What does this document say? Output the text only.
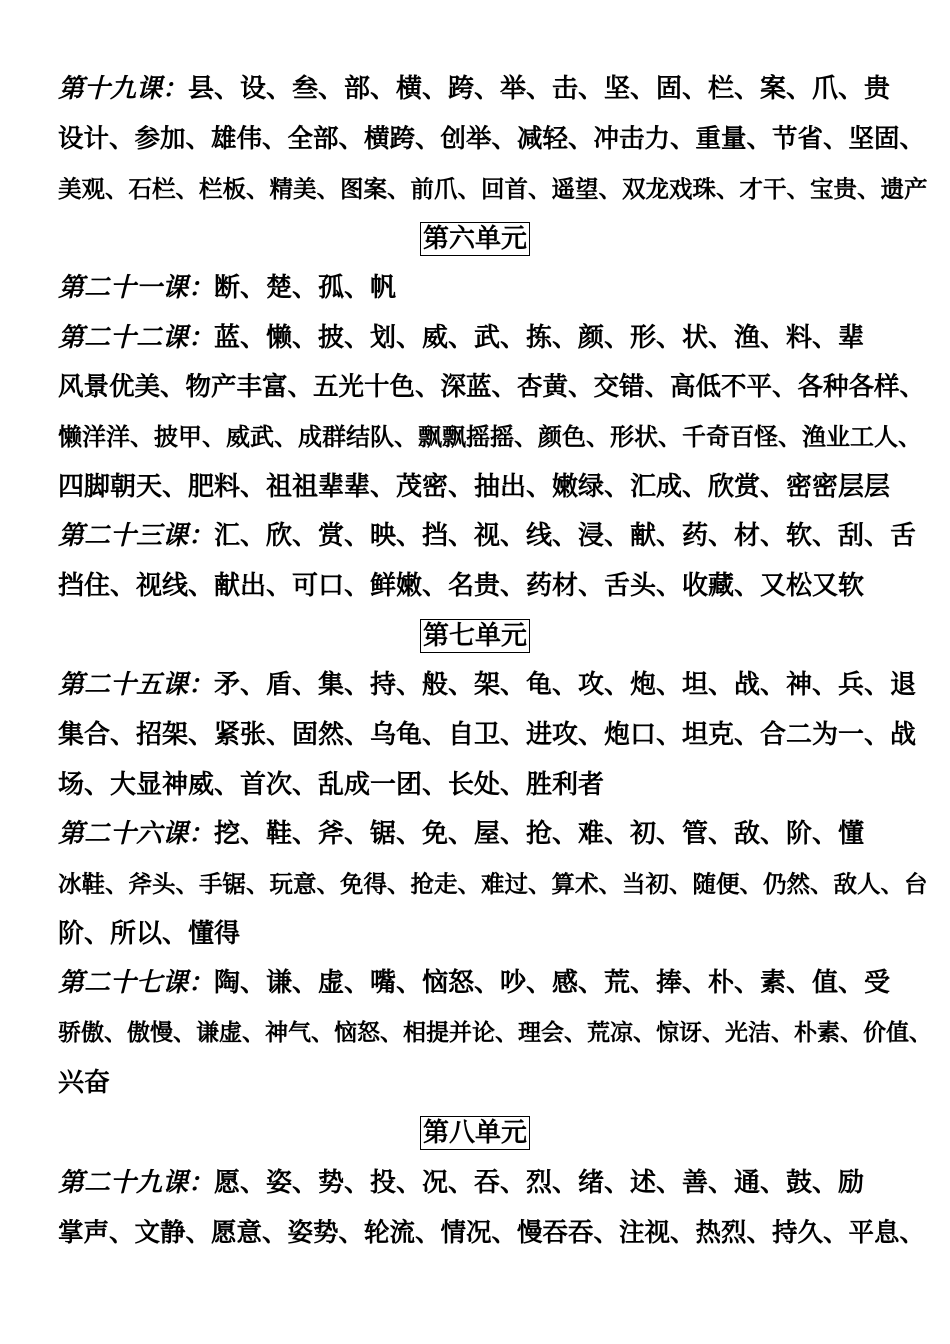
第十九课：县、设、叁、部、横、跨、举、击、坚、固、栏、案、爪、贵
设计、参加、雄伟、全部、横跨、创举、减轻、冲击力、重量、节省、坚固、
美观、石栏、栏板、精美、图案、前爪、回首、遥望、双龙戏珠、才干、宝贵、遗产
第六单元
第二十一课：断、楚、孤、帆
第二十二课：蓝、懒、披、划、威、武、拣、颜、形、状、渔、料、辈
风景优美、物产丰富、五光十色、深蓝、杏黄、交错、高低不平、各种各样、
懒洋洋、披甲、威武、成群结队、飘飘摇摇、颜色、形状、千奇百怪、渔业工人、
四脚朝天、肥料、祖祖辈辈、茂密、抽出、嫩绿、汇成、欣赏、密密层层
第二十三课：汇、欣、赏、映、挡、视、线、浸、献、药、材、软、刮、舌
挡住、视线、献出、可口、鲜嫩、名贵、药材、舌头、收藏、又松又软
第七单元
第二十五课：矛、盾、集、持、般、架、龟、攻、炮、坦、战、神、兵、退
集合、招架、紧张、固然、乌龟、自卫、进攻、炮口、坦克、合二为一、战
场、大显神威、首次、乱成一团、长处、胜利者
第二十六课：挖、鞋、斧、锯、免、屋、抢、难、初、管、敌、阶、懂
冰鞋、斧头、手锯、玩意、免得、抢走、难过、算术、当初、随便、仍然、敌人、台
阶、所以、懂得
第二十七课：陶、谦、虚、嘴、恼怒、吵、感、荒、捧、朴、素、值、受
骄傲、傲慢、谦虚、神气、恼怒、相提并论、理会、荒凉、惊讶、光洁、朴素、价值、
兴奋
第八单元
第二十九课：愿、姿、势、投、况、吞、烈、绪、述、善、通、鼓、励
掌声、文静、愿意、姿势、轮流、情况、慢吞吞、注视、热烈、持久、平息、
